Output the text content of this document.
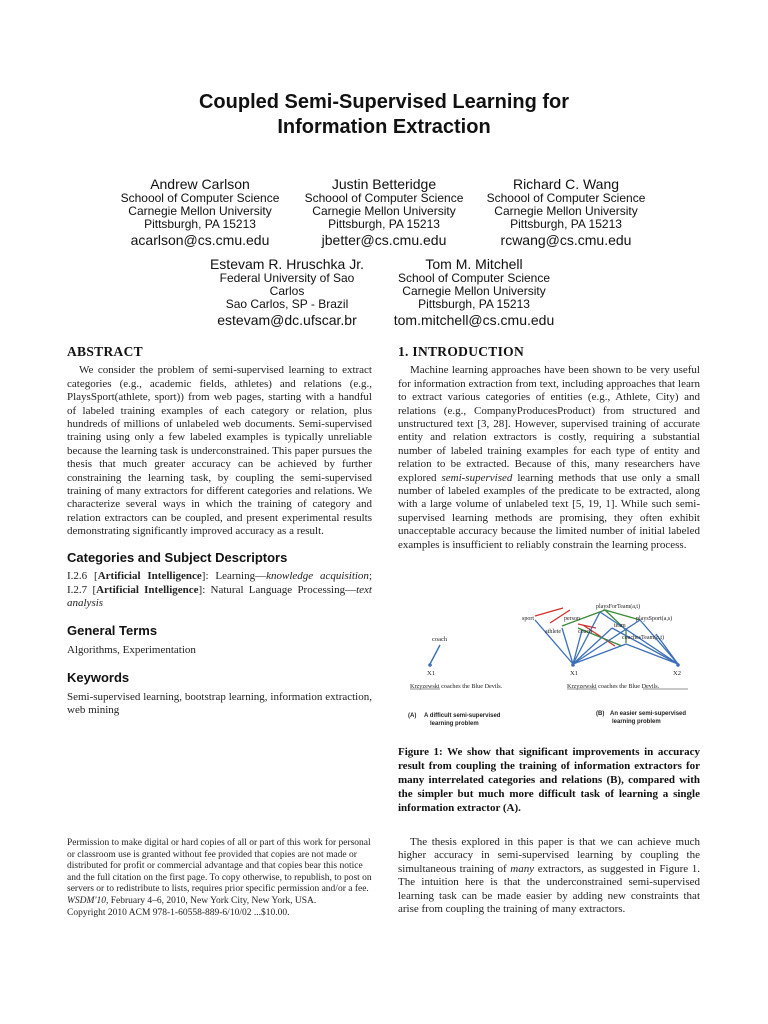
Coupled Semi-Supervised Learning for
Information Extraction
Andrew Carlson
Schoool of Computer Science
Carnegie Mellon University
Pittsburgh, PA 15213
acarlson@cs.cmu.edu
Justin Betteridge
Schoool of Computer Science
Carnegie Mellon University
Pittsburgh, PA 15213
jbetter@cs.cmu.edu
Richard C. Wang
Schoool of Computer Science
Carnegie Mellon University
Pittsburgh, PA 15213
rcwang@cs.cmu.edu
Estevam R. Hruschka Jr.
Federal University of Sao
Carlos
Sao Carlos, SP - Brazil
estevam@dc.ufscar.br
Tom M. Mitchell
School of Computer Science
Carnegie Mellon University
Pittsburgh, PA 15213
tom.mitchell@cs.cmu.edu
ABSTRACT

We consider the problem of semi-supervised learning to extract categories (e.g., academic fields, athletes) and relations (e.g., PlaysSport(athlete, sport)) from web pages, starting with a handful of labeled training examples of each category or relation, plus hundreds of millions of unlabeled web documents. Semi-supervised training using only a few labeled examples is typically unreliable because the learning task is underconstrained. This paper pursues the thesis that much greater accuracy can be achieved by further constraining the learning task, by coupling the semi-supervised training of many extractors for different categories and relations. We characterize several ways in which the training of category and relation extractors can be coupled, and present experimental results demonstrating significantly improved accuracy as a result.

Categories and Subject Descriptors

I.2.6 [Artificial Intelligence]: Learning—knowledge acquisition; I.2.7 [Artificial Intelligence]: Natural Language Processing—text analysis

General Terms

Algorithms, Experimentation

Keywords

Semi-supervised learning, bootstrap learning, information extraction, web mining

Permission to make digital or hard copies of all or part of this work for personal or classroom use is granted without fee provided that copies are not made or distributed for profit or commercial advantage and that copies bear this notice and the full citation on the first page. To copy otherwise, to republish, to post on servers or to redistribute to lists, requires prior specific permission and/or a fee.

WSDM'10, February 4–6, 2010, New York City, New York, USA.

Copyright 2010 ACM 978-1-60558-889-6/10/02 ...$10.00.

1. INTRODUCTION

Machine learning approaches have been shown to be very useful for information extraction from text, including approaches that learn to extract various categories of entities (e.g., Athlete, City) and relations (e.g., CompanyProducesProduct) from structured and unstructured text [3, 28]. However, supervised training of accurate entity and relation extractors is costly, requiring a substantial number of labeled training examples for each type of entity and relation to be extracted. Because of this, many researchers have explored semi-supervised learning methods that use only a small number of labeled examples of the predicate to be extracted, along with a large volume of unlabeled text [5, 19, 1]. While such semi-supervised learning methods are promising, they often exhibit unacceptable accuracy because the limited number of initial labeled examples is insufficient to reliably constrain the learning process.

coach
X1
Krzyzewski coaches the Blue Devils.
(A) A difficult semi-supervised
learning problem
playsForTeam(a,t)
person
sport
athlete	coach
team
playsSport(a,s)
coachesTeam(c,t)
X1	X2
Krzyzewski coaches the Blue Devils.
(B) An easier semi-supervised
learning problem

Figure 1: We show that significant improvements in accuracy result from coupling the training of information extractors for many interrelated categories and relations (B), compared with the simpler but much more difficult task of learning a single information extractor (A).

The thesis explored in this paper is that we can achieve much higher accuracy in semi-supervised learning by coupling the simultaneous training of many extractors, as suggested in Figure 1. The intuition here is that the underconstrained semi-supervised learning task can be made easier by adding new constraints that arise from coupling the training of many extractors.
